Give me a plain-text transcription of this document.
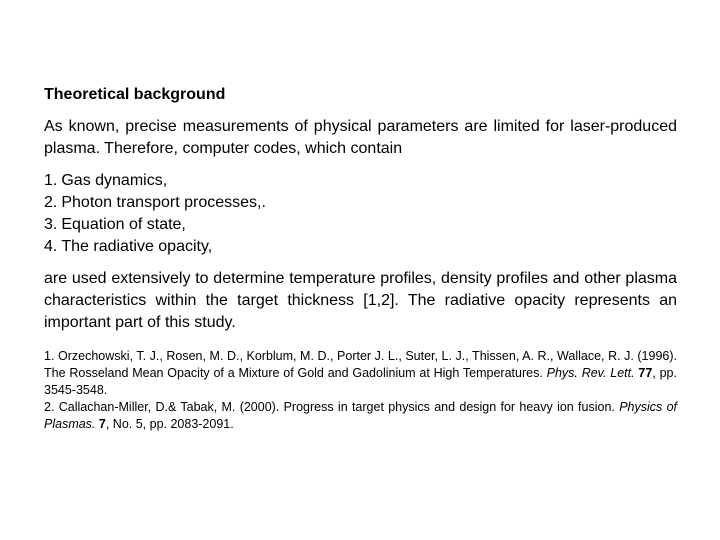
Theoretical background

As known, precise measurements of physical parameters are limited for laser-produced plasma. Therefore, computer codes, which contain

1. Gas dynamics,
2. Photon transport processes,.
3. Equation of state,
4. The radiative opacity,

are used extensively to determine temperature profiles, density profiles and other plasma characteristics within the target thickness [1,2]. The radiative opacity represents an important part of this study.

1. Orzechowski, T. J., Rosen, M. D., Korblum, M. D., Porter J. L., Suter, L. J., Thissen, A. R., Wallace, R. J. (1996). The Rosseland Mean Opacity of a Mixture of Gold and Gadolinium at High Temperatures. Phys. Rev. Lett. 77, pp. 3545-3548.

2. Callachan-Miller, D.& Tabak, M. (2000). Progress in target physics and design for heavy ion fusion. Physics of Plasmas. 7, No. 5, pp. 2083-2091.
